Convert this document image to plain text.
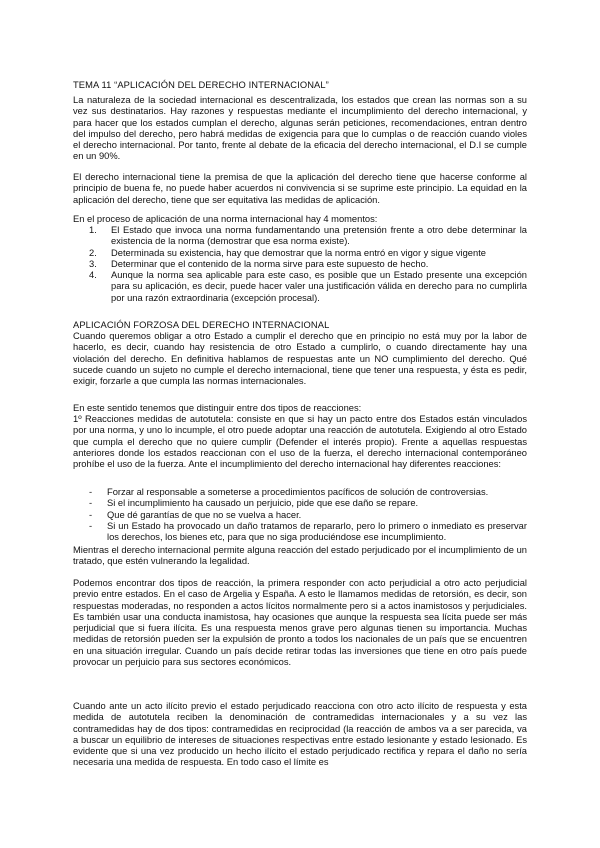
TEMA 11 “APLICACIÓN DEL DERECHO INTERNACIONAL”

La naturaleza de la sociedad internacional es descentralizada, los estados que crean las normas son a su vez sus destinatarios. Hay razones y respuestas mediante el incumplimiento del derecho internacional, y para hacer que los estados cumplan el derecho, algunas serán peticiones, recomendaciones, entran dentro del impulso del derecho, pero habrá medidas de exigencia para que lo cumplas o de reacción cuando violes el derecho internacional. Por tanto, frente al debate de la eficacia del derecho internacional, el D.I se cumple en un 90%.

El derecho internacional tiene la premisa de que la aplicación del derecho tiene que hacerse conforme al principio de buena fe, no puede haber acuerdos ni convivencia si se suprime este principio. La equidad en la aplicación del derecho, tiene que ser equitativa las medidas de aplicación.

En el proceso de aplicación de una norma internacional hay 4 momentos:
1. El Estado que invoca una norma fundamentando una pretensión frente a otro debe determinar la existencia de la norma (demostrar que esa norma existe).
2. Determinada su existencia, hay que demostrar que la norma entró en vigor y sigue vigente
3. Determinar que el contenido de la norma sirve para este supuesto de hecho.
4. Aunque la norma sea aplicable para este caso, es posible que un Estado presente una excepción para su aplicación, es decir, puede hacer valer una justificación válida en derecho para no cumplirla por una razón extraordinaria (excepción procesal).
APLICACIÓN FORZOSA DEL DERECHO INTERNACIONAL

Cuando queremos obligar a otro Estado a cumplir el derecho que en principio no está muy por la labor de hacerlo, es decir, cuando hay resistencia de otro Estado a cumplirlo, o cuando directamente hay una violación del derecho. En definitiva hablamos de respuestas ante un NO cumplimiento del derecho. Qué sucede cuando un sujeto no cumple el derecho internacional, tiene que tener una respuesta, y ésta es pedir, exigir, forzarle a que cumpla las normas internacionales.

En este sentido tenemos que distinguir entre dos tipos de reacciones:

1º Reacciones medidas de autotutela: consiste en que si hay un pacto entre dos Estados están vinculados por una norma, y uno lo incumple, el otro puede adoptar una reacción de autotutela. Exigiendo al otro Estado que cumpla el derecho que no quiere cumplir (Defender el interés propio). Frente a aquellas respuestas anteriores donde los estados reaccionan con el uso de la fuerza, el derecho internacional contemporáneo prohíbe el uso de la fuerza. Ante el incumplimiento del derecho internacional hay diferentes reacciones:

- Forzar al responsable a someterse a procedimientos pacíficos de solución de controversias.
- Si el incumplimiento ha causado un perjuicio, pide que ese daño se repare.
- Que dé garantías de que no se vuelva a hacer.
- Si un Estado ha provocado un daño tratamos de repararlo, pero lo primero o inmediato es preservar los derechos, los bienes etc, para que no siga produciéndose ese incumplimiento.

Mientras el derecho internacional permite alguna reacción del estado perjudicado por el incumplimiento de un tratado, que estén vulnerando la legalidad.

Podemos encontrar dos tipos de reacción, la primera responder con acto perjudicial a otro acto perjudicial previo entre estados. En el caso de Argelia y España. A esto le llamamos medidas de retorsión, es decir, son respuestas moderadas, no responden a actos lícitos normalmente pero si a actos inamistosos y perjudiciales. Es también usar una conducta inamistosa, hay ocasiones que aunque la respuesta sea lícita puede ser más perjudicial que si fuera ilícita. Es una respuesta menos grave pero algunas tienen su importancia. Muchas medidas de retorsión pueden ser la expulsión de pronto a todos los nacionales de un país que se encuentren en una situación irregular. Cuando un país decide retirar todas las inversiones que tiene en otro país puede provocar un perjuicio para sus sectores económicos.

Cuando ante un acto ilícito previo el estado perjudicado reacciona con otro acto ilícito de respuesta y esta medida de autotutela reciben la denominación de contramedidas internacionales y a su vez las contramedidas hay de dos tipos: contramedidas en reciprocidad (la reacción de ambos va a ser parecida, va a buscar un equilibrio de intereses de situaciones respectivas entre estado lesionante y estado lesionado. Es evidente que si una vez producido un hecho ilícito el estado perjudicado rectifica y repara el daño no sería necesaria una medida de respuesta. En todo caso el límite es
